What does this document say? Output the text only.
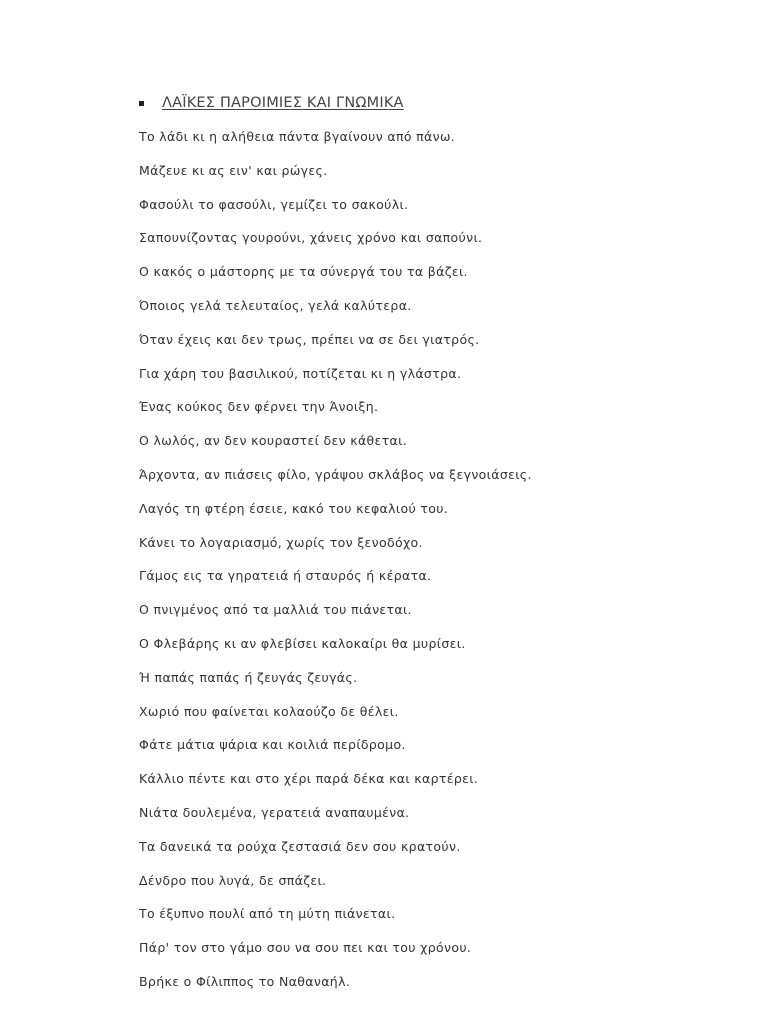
ΛΑΪΚΕΣ ΠΑΡΟΙΜΙΕΣ ΚΑΙ ΓΝΩΜΙΚΑ
Το λάδι κι η αλήθεια πάντα βγαίνουν από πάνω.
Μάζευε κι ας ειν' και ρώγες.
Φασούλι το φασούλι, γεμίζει το σακούλι.
Σαπουνίζοντας γουρούνι, χάνεις χρόνο και σαπούνι.
Ο κακός ο μάστορης με τα σύνεργά του τα βάζει.
Όποιος γελά τελευταίος, γελά καλύτερα.
Όταν έχεις και δεν τρως, πρέπει να σε δει γιατρός.
Για χάρη του βασιλικού, ποτίζεται κι η γλάστρα.
Ένας κούκος δεν φέρνει την Άνοιξη.
Ο λωλός, αν δεν κουραστεί δεν κάθεται.
Άρχοντα, αν πιάσεις φίλο, γράψου σκλάβος να ξεγνοιάσεις.
Λαγός τη φτέρη έσειε, κακό του κεφαλιού του.
Κάνει το λογαριασμό, χωρίς τον ξενοδόχο.
Γάμος εις τα γηρατειά ή σταυρός ή κέρατα.
Ο πνιγμένος από τα μαλλιά του πιάνεται.
Ο Φλεβάρης κι αν φλεβίσει καλοκαίρι θα μυρίσει.
Ή παπάς παπάς ή ζευγάς ζευγάς.
Χωριό που φαίνεται κολαούζο δε θέλει.
Φάτε μάτια ψάρια και κοιλιά περίδρομο.
Κάλλιο πέντε και στο χέρι παρά δέκα και καρτέρει.
Νιάτα δουλεμένα, γερατειά αναπαυμένα.
Τα δανεικά τα ρούχα ζεστασιά δεν σου κρατούν.
Δένδρο που λυγά, δε σπάζει.
Το έξυπνο πουλί από τη μύτη πιάνεται.
Πάρ' τον στο γάμο σου να σου πει και του χρόνου.
Βρήκε ο Φίλιππος το Ναθαναήλ.
